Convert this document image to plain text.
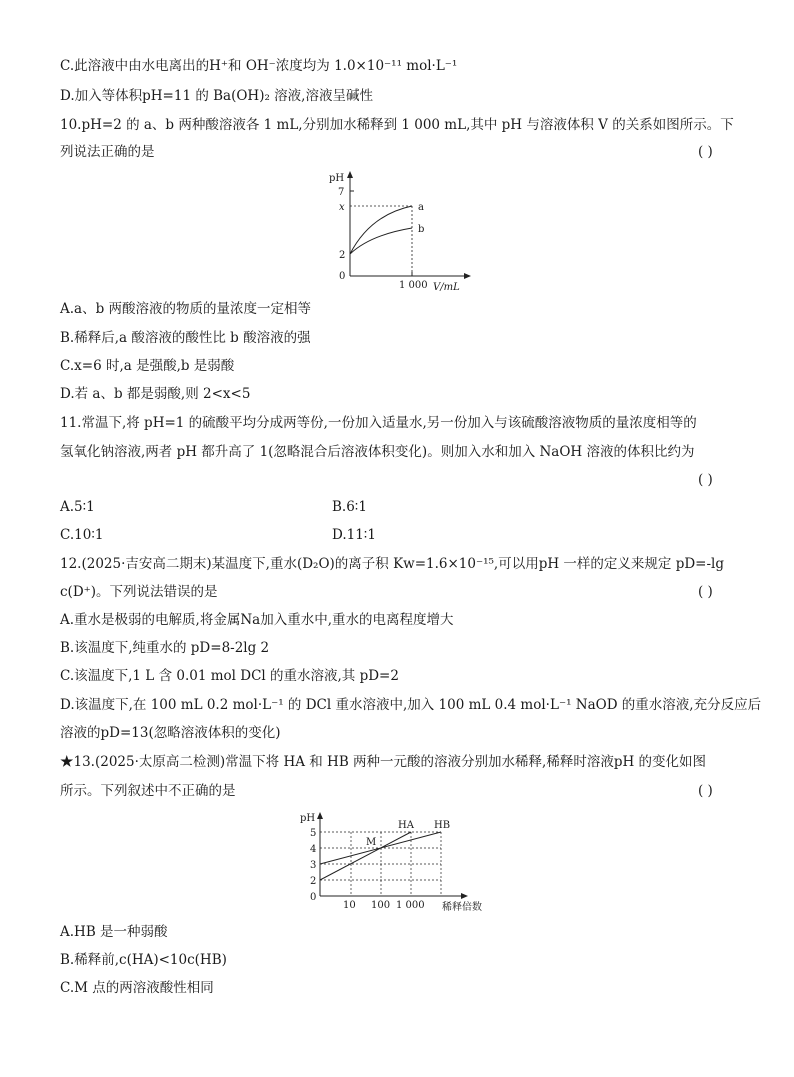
C.此溶液中由水电离出的H⁺和 OH⁻浓度均为 1.0×10⁻¹¹ mol·L⁻¹
D.加入等体积pH=11 的 Ba(OH)₂ 溶液,溶液呈碱性
10.pH=2 的 a、b 两种酸溶液各 1 mL,分别加水稀释到 1 000 mL,其中 pH 与溶液体积 V 的关系如图所示。下
列说法正确的是	( )
pH
7
x
2
0
a
b
1 000 V/mL
A.a、b 两酸溶液的物质的量浓度一定相等
B.稀释后,a 酸溶液的酸性比 b 酸溶液的强
C.x=6 时,a 是强酸,b 是弱酸
D.若 a、b 都是弱酸,则 2<x<5
11.常温下,将 pH=1 的硫酸平均分成两等份,一份加入适量水,另一份加入与该硫酸溶液物质的量浓度相等的
氢氧化钠溶液,两者 pH 都升高了 1(忽略混合后溶液体积变化)。则加入水和加入 NaOH 溶液的体积比约为
( )
A.5∶1	B.6∶1
C.10∶1	D.11∶1
12.(2025·吉安高二期末)某温度下,重水(D₂O)的离子积 Kw=1.6×10⁻¹⁵,可以用pH 一样的定义来规定 pD=-lg
c(D⁺)。下列说法错误的是	( )
A.重水是极弱的电解质,将金属Na加入重水中,重水的电离程度增大
B.该温度下,纯重水的 pD=8-2lg 2
C.该温度下,1 L 含 0.01 mol DCl 的重水溶液,其 pD=2
D.该温度下,在 100 mL 0.2 mol·L⁻¹ 的 DCl 重水溶液中,加入 100 mL 0.4 mol·L⁻¹ NaOD 的重水溶液,充分反应后
溶液的pD=13(忽略溶液体积的变化)
★13.(2025·太原高二检测)常温下将 HA 和 HB 两种一元酸的溶液分别加水稀释,稀释时溶液pH 的变化如图
所示。下列叙述中不正确的是	( )
pH
5
4
3
2
0
M
HA HB
10 100 1 000 稀释倍数
A.HB 是一种弱酸
B.稀释前,c(HA)<10c(HB)
C.M 点的两溶液酸性相同
